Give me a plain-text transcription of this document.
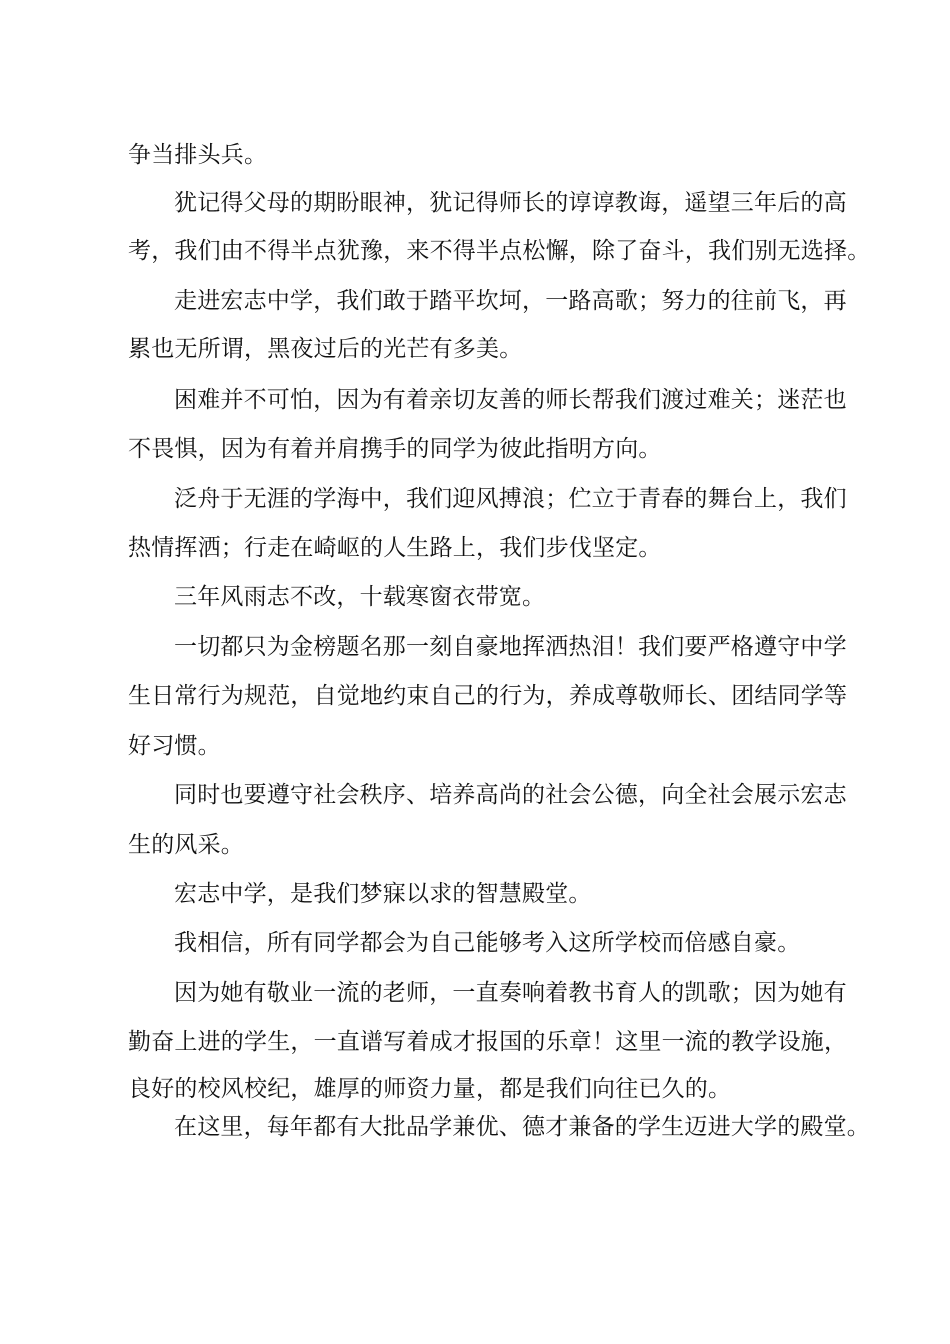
争当排头兵。
犹记得父母的期盼眼神，犹记得师长的谆谆教诲，遥望三年后的高
考，我们由不得半点犹豫，来不得半点松懈，除了奋斗，我们别无选择。
走进宏志中学，我们敢于踏平坎坷，一路高歌；努力的往前飞，再
累也无所谓，黑夜过后的光芒有多美。
困难并不可怕，因为有着亲切友善的师长帮我们渡过难关；迷茫也
不畏惧，因为有着并肩携手的同学为彼此指明方向。
泛舟于无涯的学海中，我们迎风搏浪；伫立于青春的舞台上，我们
热情挥洒；行走在崎岖的人生路上，我们步伐坚定。
三年风雨志不改，十载寒窗衣带宽。
一切都只为金榜题名那一刻自豪地挥洒热泪！我们要严格遵守中学
生日常行为规范，自觉地约束自己的行为，养成尊敬师长、团结同学等
好习惯。
同时也要遵守社会秩序、培养高尚的社会公德，向全社会展示宏志
生的风采。
宏志中学，是我们梦寐以求的智慧殿堂。
我相信，所有同学都会为自己能够考入这所学校而倍感自豪。
因为她有敬业一流的老师，一直奏响着教书育人的凯歌；因为她有
勤奋上进的学生，一直谱写着成才报国的乐章！这里一流的教学设施，
良好的校风校纪，雄厚的师资力量，都是我们向往已久的。
在这里，每年都有大批品学兼优、德才兼备的学生迈进大学的殿堂。
